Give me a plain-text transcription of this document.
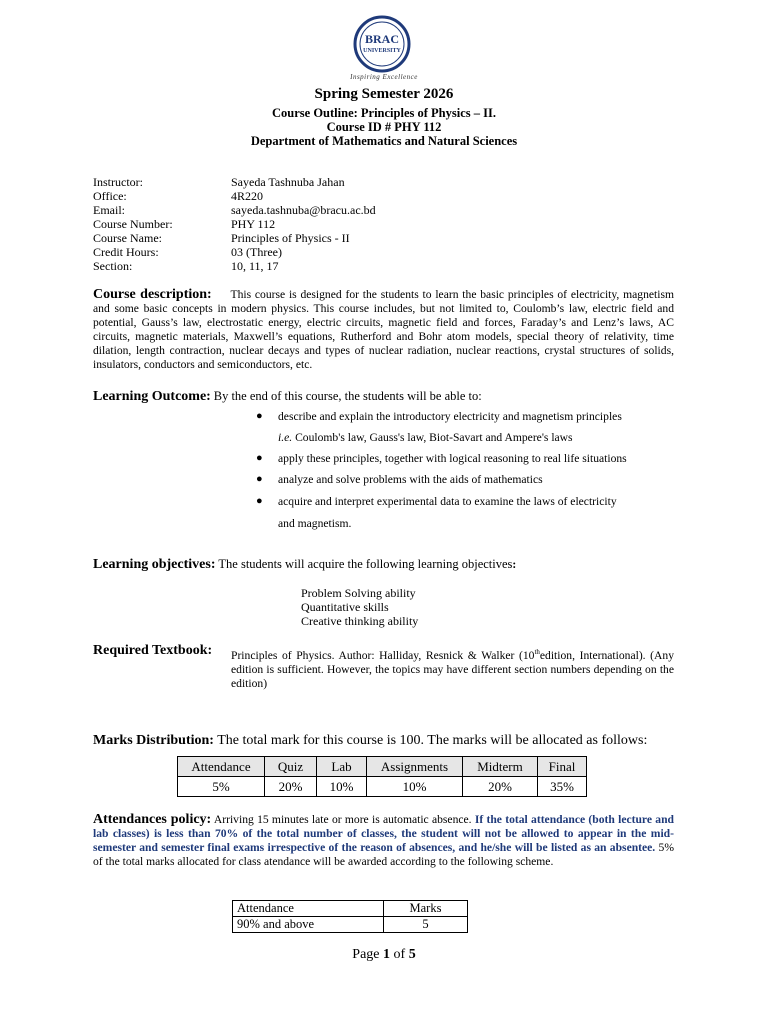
BRAC
UNIVERSITY
Inspiring Excellence
Spring Semester 2026
Course Outline: Principles of Physics – II.
Course ID # PHY 112
Department of Mathematics and Natural Sciences
Instructor:	Sayeda Tashnuba Jahan
Office:	4R220
Email:	sayeda.tashnuba@bracu.ac.bd
Course Number:	PHY 112
Course Name:	Principles of Physics - II
Credit Hours:	03 (Three)
Section:	10, 11, 17
Course description: This course is designed for the students to learn the basic principles of electricity, magnetism and some basic concepts in modern physics. This course includes, but not limited to, Coulomb’s law, electric field and potential, Gauss’s law, electrostatic energy, electric circuits, magnetic field and forces, Faraday’s and Lenz’s laws, AC circuits, magnetic materials, Maxwell’s equations, Rutherford and Bohr atom models, special theory of relativity, time dilation, length contraction, nuclear decays and types of nuclear radiation, nuclear reactions, crystal structures of solids, insulators, conductors and semiconductors, etc.
Learning Outcome: By the end of this course, the students will be able to:
●	describe and explain the introductory electricity and magnetism principles
i.e. Coulomb's law, Gauss's law, Biot-Savart and Ampere's laws
●	apply these principles, together with logical reasoning to real life situations
●	analyze and solve problems with the aids of mathematics
●	acquire and interpret experimental data to examine the laws of electricity
and magnetism.
Learning objectives: The students will acquire the following learning objectives:
Problem Solving ability
Quantitative skills
Creative thinking ability
Required Textbook: Principles of Physics. Author: Halliday, Resnick & Walker (10thedition, International). (Any edition is sufficient. However, the topics may have different section numbers depending on the edition)
Marks Distribution: The total mark for this course is 100. The marks will be allocated as follows:
Attendance	Quiz	Lab	Assignments	Midterm	Final
5%	20%	10%	10%	20%	35%
Attendances policy: Arriving 15 minutes late or more is automatic absence. If the total attendance (both lecture and lab classes) is less than 70% of the total number of classes, the student will not be allowed to appear in the mid-semester and semester final exams irrespective of the reason of absences, and he/she will be listed as an absentee. 5% of the total marks allocated for class atendance will be awarded according to the following scheme.
Attendance	Marks
90% and above	5
Page 1 of 5
